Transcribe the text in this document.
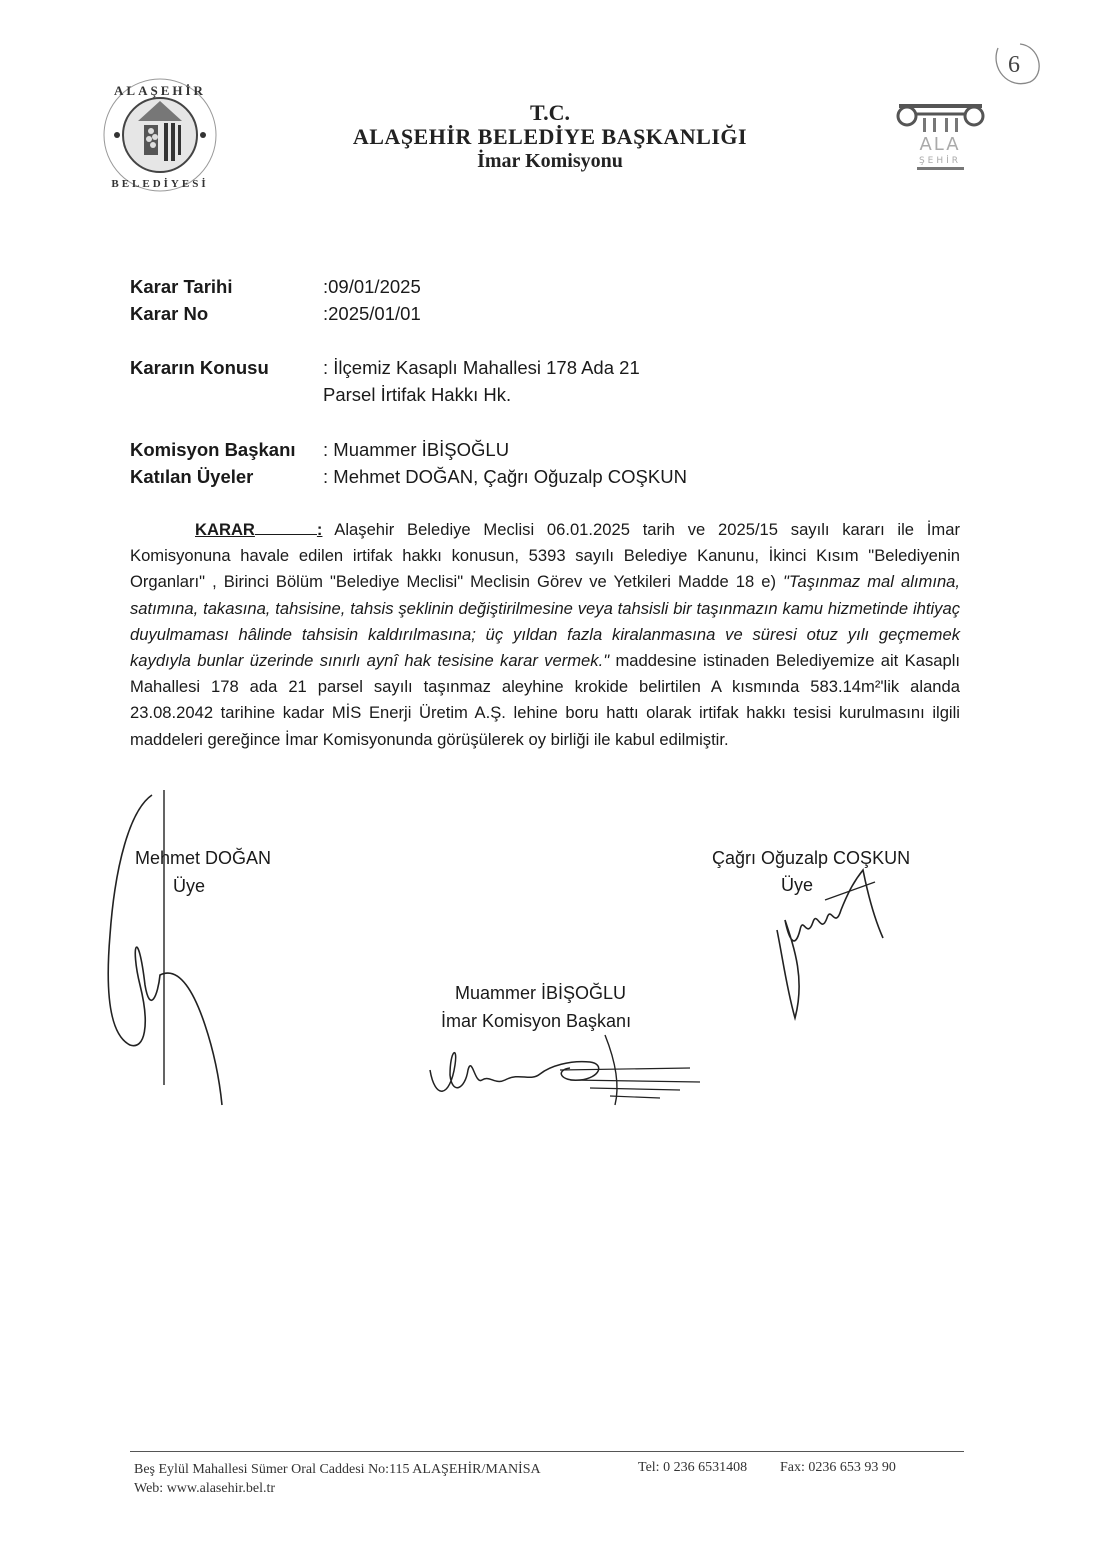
6
ALAŞEHİR
BELEDİYESİ
T.C.
ALAŞEHİR BELEDİYE BAŞKANLIĞI
İmar Komisyonu
ALA
ŞEHİR
Karar Tarihi	:09/01/2025
Karar No	:2025/01/01
Kararın Konusu	: İlçemiz Kasaplı Mahallesi 178 Ada 21
Parsel İrtifak Hakkı Hk.
Komisyon Başkanı : Muammer İBİŞOĞLU
Katılan Üyeler	: Mehmet DOĞAN, Çağrı Oğuzalp COŞKUN
KARAR	: Alaşehir Belediye Meclisi 06.01.2025 tarih ve 2025/15 sayılı kararı ile İmar Komisyonuna havale edilen irtifak hakkı konusun, 5393 sayılı Belediye Kanunu, İkinci Kısım "Belediyenin Organları" , Birinci Bölüm "Belediye Meclisi" Meclisin Görev ve Yetkileri Madde 18 e) "Taşınmaz mal alımına, satımına, takasına, tahsisine, tahsis şeklinin değiştirilmesine veya tahsisli bir taşınmazın kamu hizmetinde ihtiyaç duyulmaması hâlinde tahsisin kaldırılmasına; üç yıldan fazla kiralanmasına ve süresi otuz yılı geçmemek kaydıyla bunlar üzerinde sınırlı aynî hak tesisine karar vermek." maddesine istinaden Belediyemize ait Kasaplı Mahallesi 178 ada 21 parsel sayılı taşınmaz aleyhine krokide belirtilen A kısmında 583.14m²'lik alanda 23.08.2042 tarihine kadar MİS Enerji Üretim A.Ş. lehine boru hattı olarak irtifak hakkı tesisi kurulmasını ilgili maddeleri gereğince İmar Komisyonunda görüşülerek oy birliği ile kabul edilmiştir.
Mehmet DOĞAN
Üye
Çağrı Oğuzalp COŞKUN
Üye
Muammer İBİŞOĞLU
İmar Komisyon Başkanı
Beş Eylül Mahallesi Sümer Oral Caddesi No:115 ALAŞEHİR/MANİSA	Tel: 0 236 6531408 Fax: 0236 653 93 90
Web: www.alasehir.bel.tr
